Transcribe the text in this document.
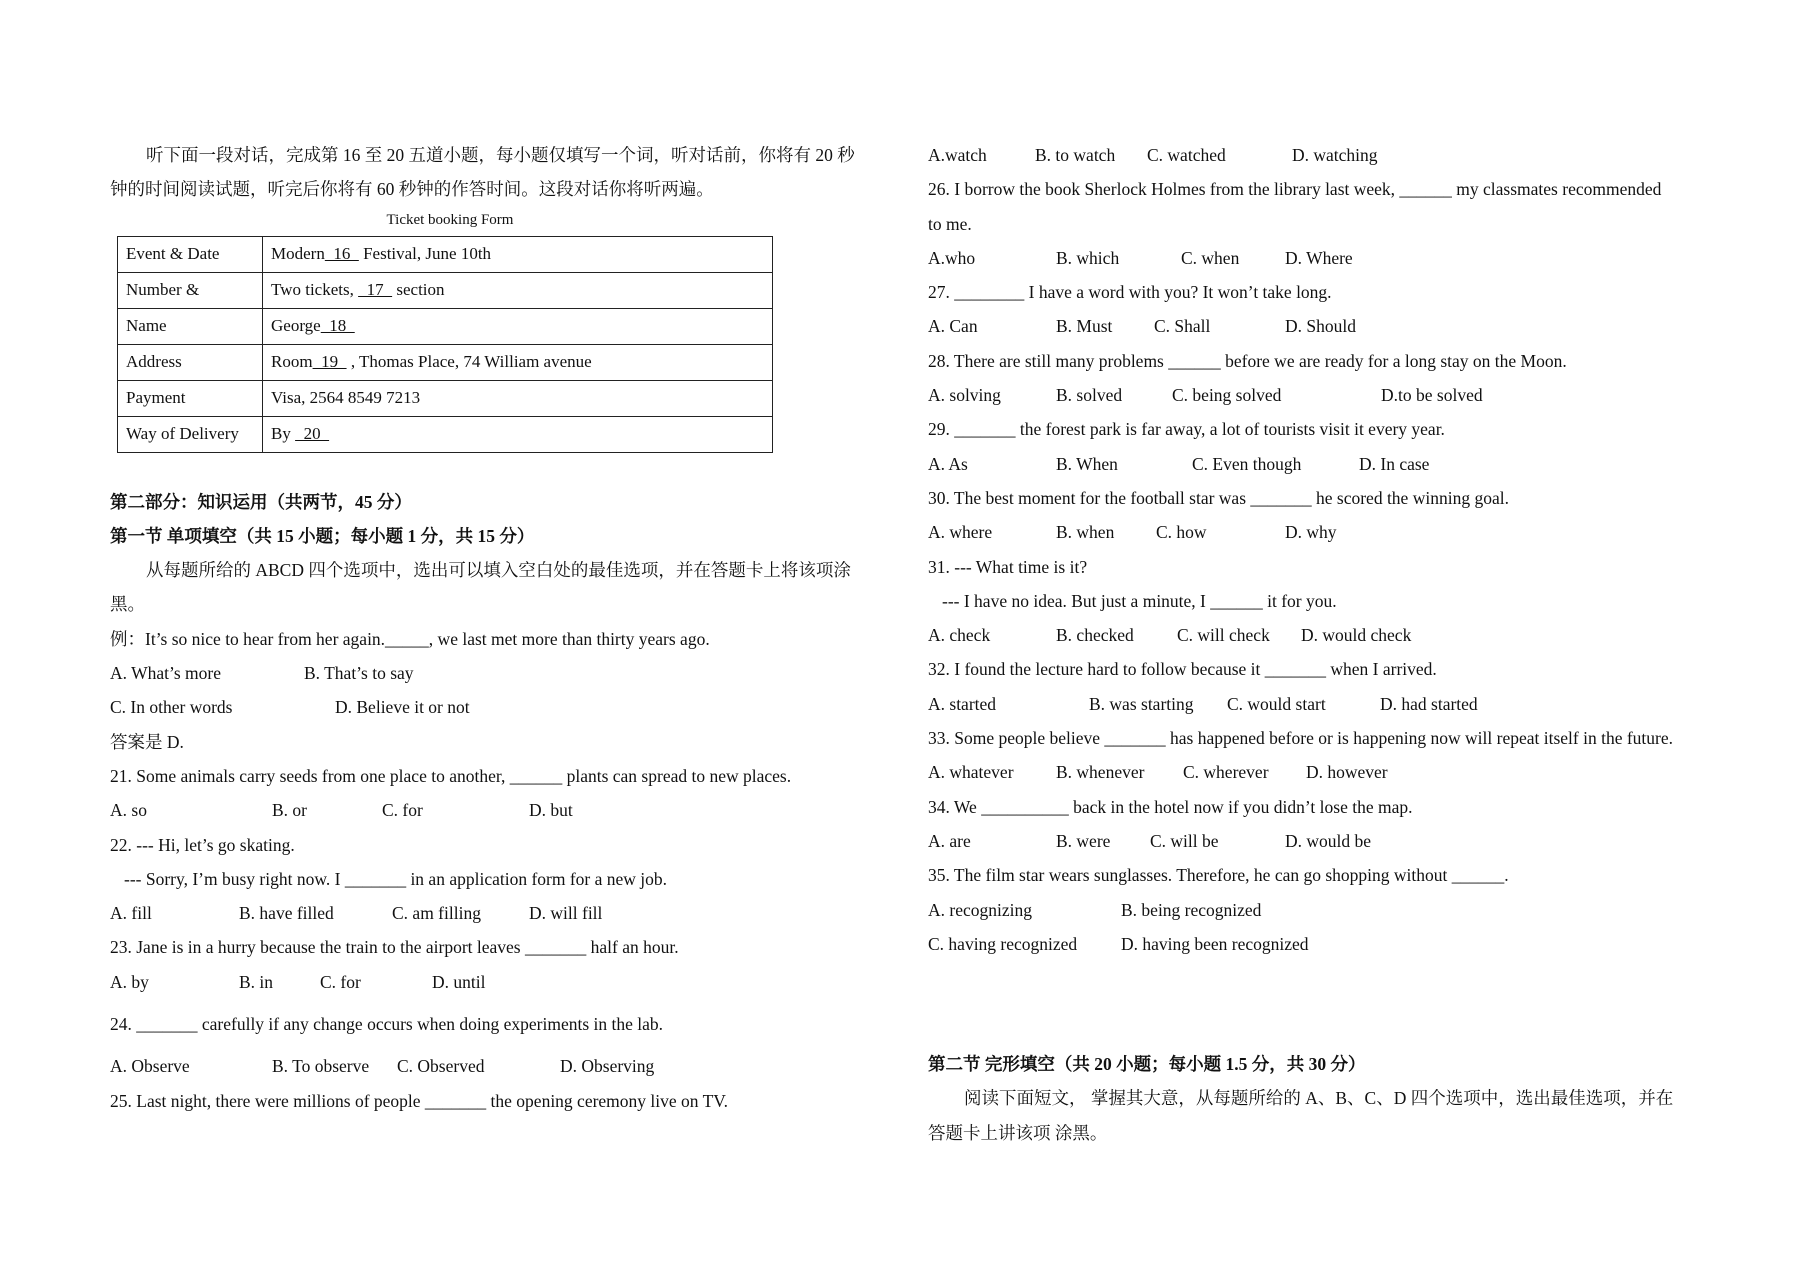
听下面一段对话，完成第 16 至 20 五道小题，每小题仅填写一个词，听对话前，你将有 20 秒
钟的时间阅读试题，听完后你将有 60 秒钟的作答时间。这段对话你将听两遍。
Ticket booking Form
Event & Date	Modern  16   Festival, June 10th
Number &	Two tickets,   17   section
Name	George  18
Address	Room  19   , Thomas Place, 74 William avenue
Payment	Visa, 2564 8549 7213
Way of Delivery	By   20
第二部分：知识运用（共两节，45 分）
第一节 单项填空（共 15 小题；每小题 1 分，共 15 分）
从每题所给的 ABCD 四个选项中，选出可以填入空白处的最佳选项，并在答题卡上将该项涂
黑。
例：It’s so nice to hear from her again._____, we last met more than thirty years ago.
A. What’s more	B. That’s to say
C. In other words	D. Believe it or not
答案是 D.
21. Some animals carry seeds from one place to another, ______ plants can spread to new places.
A. so	B. or	C. for	D. but
22. --- Hi, let’s go skating.
--- Sorry, I’m busy right now. I _______ in an application form for a new job.
A. fill	B. have filled	C. am filling	D. will fill
23. Jane is in a hurry because the train to the airport leaves _______ half an hour.
A. by	B. in	C. for	D. until
24. _______ carefully if any change occurs when doing experiments in the lab.
A. Observe	B. To observe C. Observed	D. Observing
25. Last night, there were millions of people _______ the opening ceremony live on TV.
A.watch	B. to watch C. watched	D. watching
26. I borrow the book Sherlock Holmes from the library last week, ______ my classmates recommended
to me.
A.who	B. which	C. when	D. Where
27. ________ I have a word with you? It won’t take long.
A. Can	B. Must C. Shall	D. Should
28. There are still many problems ______ before we are ready for a long stay on the Moon.
A. solving	B. solved	C. being solved	D.to be solved
29. _______ the forest park is far away, a lot of tourists visit it every year.
A. As	B. When	C. Even though	D. In case
30. The best moment for the football star was _______ he scored the winning goal.
A. where	B. when C. how	D. why
31. --- What time is it?
--- I have no idea. But just a minute, I ______ it for you.
A. check	B. checked C. will check D. would check
32. I found the lecture hard to follow because it _______ when I arrived.
A. started	B. was starting C. would start	D. had started
33. Some people believe _______ has happened before or is happening now will repeat itself in the future.
A. whatever B. whenever C. wherever D. however
34. We __________ back in the hotel now if you didn’t lose the map.
A. are	B. were C. will be	D. would be
35. The film star wears sunglasses. Therefore, he can go shopping without ______.
A. recognizing	B. being recognized
C. having recognized	D. having been recognized
第二节 完形填空（共 20 小题；每小题 1.5 分，共 30 分）
阅读下面短文， 掌握其大意，从每题所给的 A、B、C、D 四个选项中，选出最佳选项，并在
答题卡上讲该项 涂黑。
